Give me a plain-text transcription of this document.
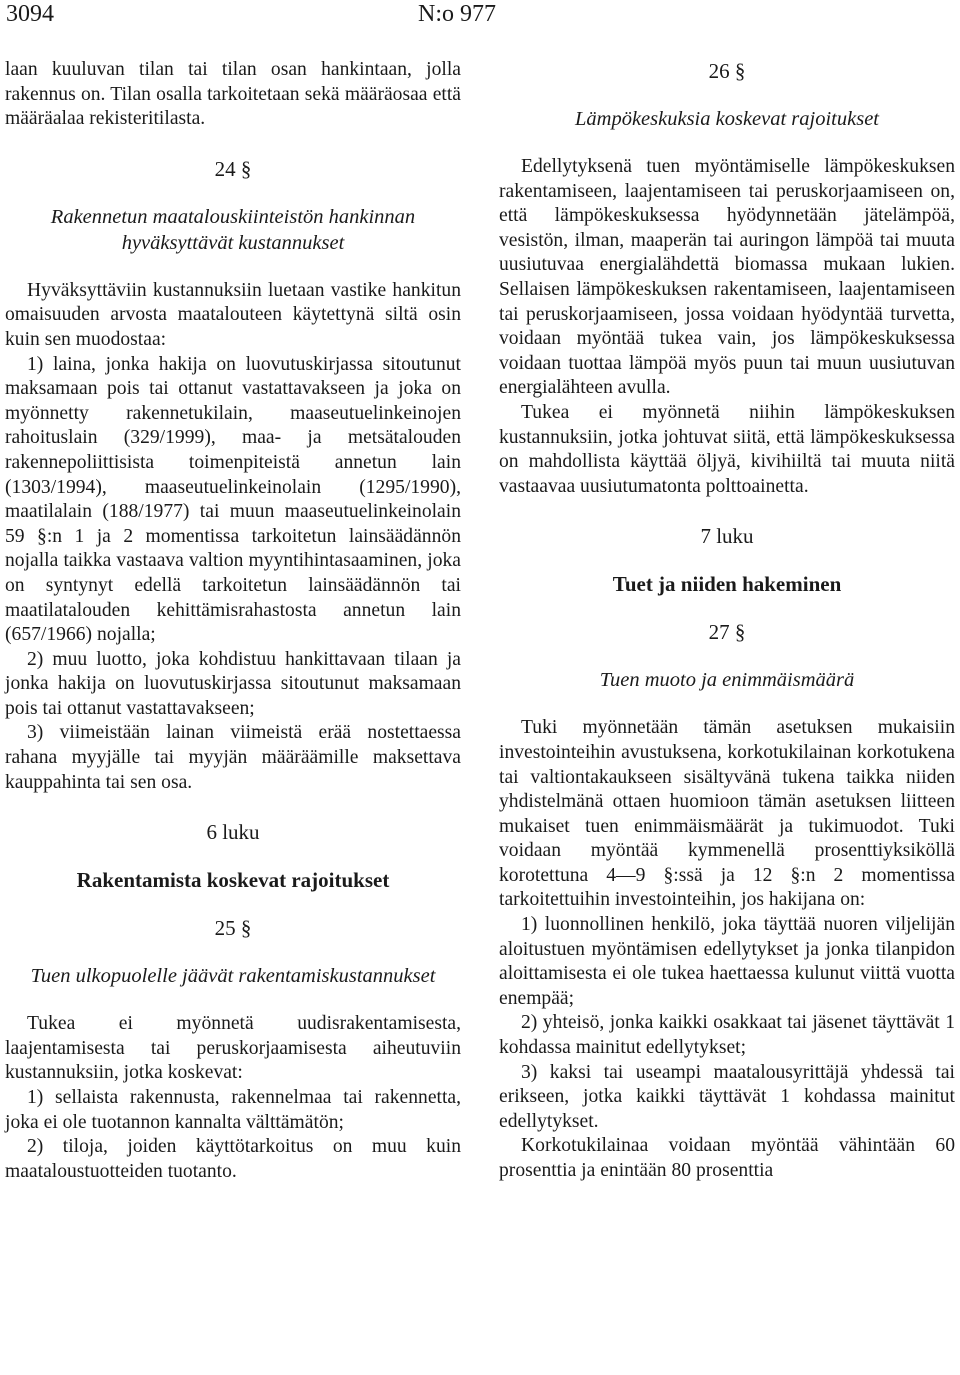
3094	N:o 977

laan kuuluvan tilan tai tilan osan hankintaan, jolla rakennus on. Tilan osalla tarkoitetaan sekä määräosaa että määräalaa rekisteritilasta.

24 §
Rakennetun maatalouskiinteistön hankinnan hyväksyttävät kustannukset

Hyväksyttäviin kustannuksiin luetaan vastike hankitun omaisuuden arvosta maatalouteen käytettynä siltä osin kuin sen muodostaa:

1) laina, jonka hakija on luovutuskirjassa sitoutunut maksamaan pois tai ottanut vastattavakseen ja joka on myönnetty rakennetukilain, maaseutuelinkeinojen rahoituslain (329/1999), maa- ja metsätalouden rakennepoliittisista toimenpiteistä annetun lain (1303/1994), maaseutuelinkeinolain (1295/1990), maatilalain (188/1977) tai muun maaseutuelinkeinolain 59 §:n 1 ja 2 momentissa tarkoitetun lainsäädännön nojalla taikka vastaava valtion myyntihintasaaminen, joka on syntynyt edellä tarkoitetun lainsäädännön tai maatilatalouden kehittämisrahastosta annetun lain (657/1966) nojalla;

2) muu luotto, joka kohdistuu hankittavaan tilaan ja jonka hakija on luovutuskirjassa sitoutunut maksamaan pois tai ottanut vastattavakseen;

3) viimeistään lainan viimeistä erää nostettaessa rahana myyjälle tai myyjän määräämille maksettava kauppahinta tai sen osa.

6 luku
Rakentamista koskevat rajoitukset
25 §
Tuen ulkopuolelle jäävät rakentamiskustannukset

Tukea ei myönnetä uudisrakentamisesta, laajentamisesta tai peruskorjaamisesta aiheutuviin kustannuksiin, jotka koskevat:

1) sellaista rakennusta, rakennelmaa tai rakennetta, joka ei ole tuotannon kannalta välttämätön;

2) tiloja, joiden käyttötarkoitus on muu kuin maataloustuotteiden tuotanto.

26 §
Lämpökeskuksia koskevat rajoitukset

Edellytyksenä tuen myöntämiselle lämpökeskuksen rakentamiseen, laajentamiseen tai peruskorjaamiseen on, että lämpökeskuksessa hyödynnetään jätelämpöä, vesistön, ilman, maaperän tai auringon lämpöä tai muuta uusiutuvaa energialähdettä biomassa mukaan lukien. Sellaisen lämpökeskuksen rakentamiseen, laajentamiseen tai peruskorjaamiseen, jossa voidaan hyödyntää turvetta, voidaan myöntää tukea vain, jos lämpökeskuksessa voidaan tuottaa lämpöä myös puun tai muun uusiutuvan energialähteen avulla.

Tukea ei myönnetä niihin lämpökeskuksen kustannuksiin, jotka johtuvat siitä, että lämpökeskuksessa on mahdollista käyttää öljyä, kivihiiltä tai muuta niitä vastaavaa uusiutumatonta polttoainetta.

7 luku
Tuet ja niiden hakeminen
27 §
Tuen muoto ja enimmäismäärä

Tuki myönnetään tämän asetuksen mukaisiin investointeihin avustuksena, korkotukilainan korkotukena tai valtiontakaukseen sisältyvänä tukena taikka niiden yhdistelmänä ottaen huomioon tämän asetuksen liitteen mukaiset tuen enimmäismäärät ja tukimuodot. Tuki voidaan myöntää kymmenellä prosenttiyksiköllä korotettuna 4—9 §:ssä ja 12 §:n 2 momentissa tarkoitettuihin investointeihin, jos hakijana on:

1) luonnollinen henkilö, joka täyttää nuoren viljelijän aloitustuen myöntämisen edellytykset ja jonka tilanpidon aloittamisesta ei ole tukea haettaessa kulunut viittä vuotta enempää;

2) yhteisö, jonka kaikki osakkaat tai jäsenet täyttävät 1 kohdassa mainitut edellytykset;

3) kaksi tai useampi maatalousyrittäjä yhdessä tai erikseen, jotka kaikki täyttävät 1 kohdassa mainitut edellytykset.

Korkotukilainaa voidaan myöntää vähintään 60 prosenttia ja enintään 80 prosenttia
